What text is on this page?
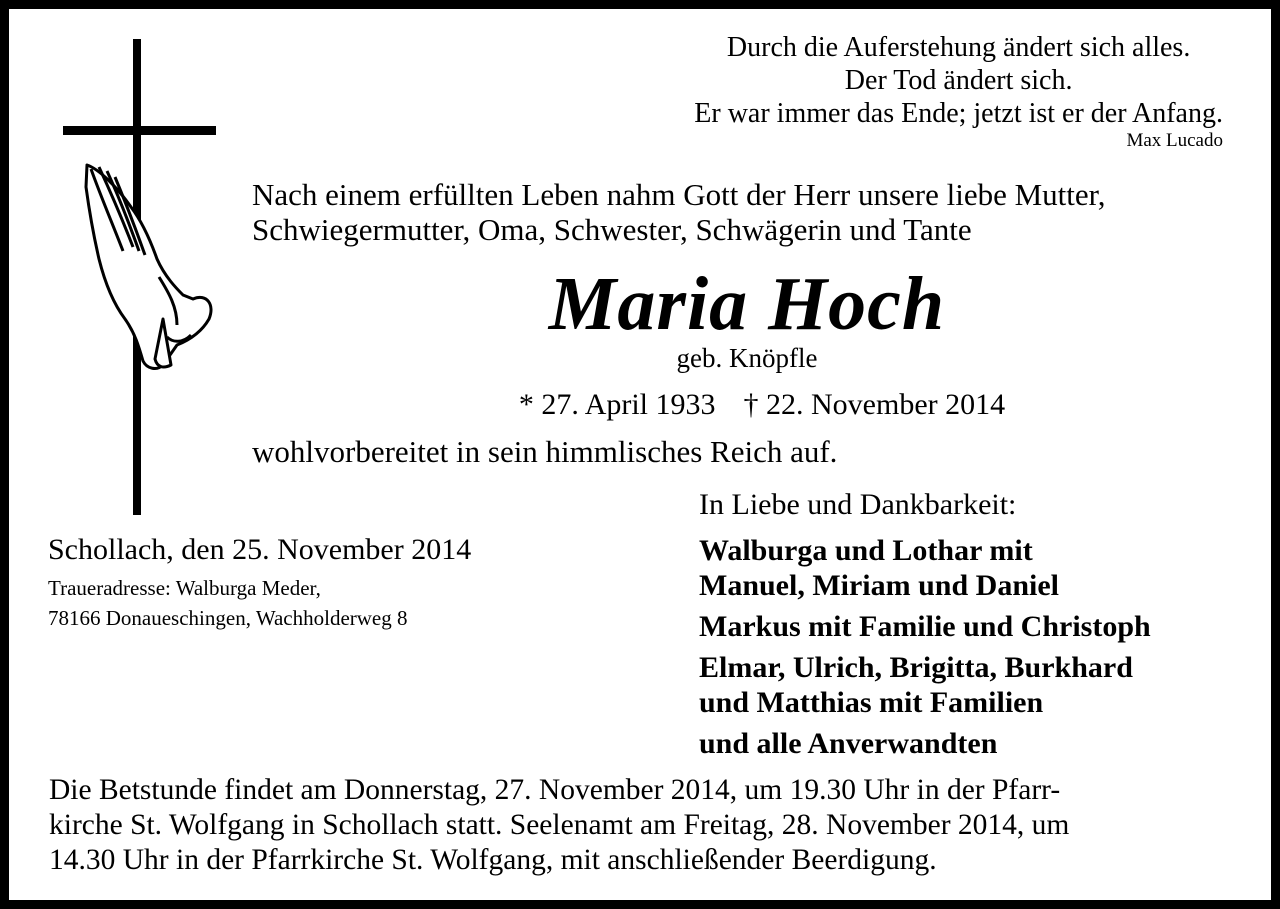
Durch die Auferstehung ändert sich alles.
Der Tod ändert sich.
Er war immer das Ende; jetzt ist er der Anfang.
Max Lucado
Nach einem erfüllten Leben nahm Gott der Herr unsere liebe Mutter,
Schwiegermutter, Oma, Schwester, Schwägerin und Tante
Maria Hoch
geb. Knöpfle
* 27. April 1933 † 22. November 2014
wohlvorbereitet in sein himmlisches Reich auf.
Schollach, den 25. November 2014
Traueradresse: Walburga Meder,
78166 Donaueschingen, Wachholderweg 8
In Liebe und Dankbarkeit:
Walburga und Lothar mit
Manuel, Miriam und Daniel
Markus mit Familie und Christoph
Elmar, Ulrich, Brigitta, Burkhard
und Matthias mit Familien
und alle Anverwandten
Die Betstunde findet am Donnerstag, 27. November 2014, um 19.30 Uhr in der Pfarr-
kirche St. Wolfgang in Schollach statt. Seelenamt am Freitag, 28. November 2014, um
14.30 Uhr in der Pfarrkirche St. Wolfgang, mit anschließender Beerdigung.
